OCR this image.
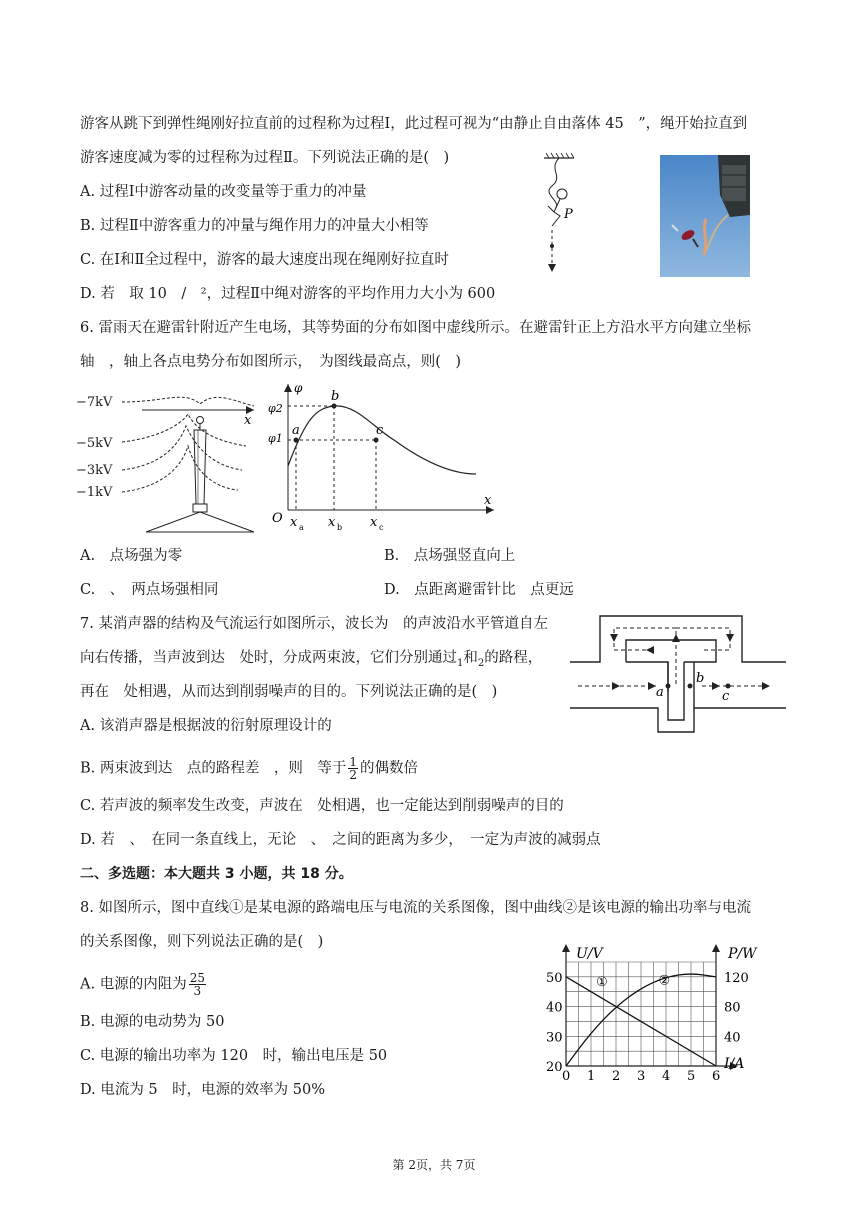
游客从跳下到弹性绳刚好拉直前的过程称为过程Ⅰ，此过程可视为“由静止自由落体 45　”，绳开始拉直到
游客速度减为零的过程称为过程Ⅱ。下列说法正确的是(　)
A. 过程Ⅰ中游客动量的改变量等于重力的冲量
B. 过程Ⅱ中游客重力的冲量与绳作用力的冲量大小相等
C. 在Ⅰ和Ⅱ全过程中，游客的最大速度出现在绳刚好拉直时
D. 若　取 10　/　²，过程Ⅱ中绳对游客的平均作用力大小为 600
P
6. 雷雨天在避雷针附近产生电场，其等势面的分布如图中虚线所示。在避雷针正上方沿水平方向建立坐标
轴　，轴上各点电势分布如图所示，　为图线最高点，则(　)
−7kV
−5kV
−3kV
−1kV
x
φ
x
O
φ2
φ1
a
b
c
x x	x
a	b	c
A.　点场强为零	B.　点场强竖直向上
C.　、　两点场强相同	D.　点距离避雷针比　点更远
7. 某消声器的结构及气流运行如图所示，波长为　的声波沿水平管道自左
向右传播，当声波到达　处时，分成两束波，它们分别通过$_1$和$_2$的路程，
再在　处相遇，从而达到削弱噪声的目的。下列说法正确的是(　)
A. 该消声器是根据波的衍射原理设计的
B. 两束波到达　点的路程差　，则　等于 $\frac{1}{2}$ 的偶数倍
C. 若声波的频率发生改变，声波在　处相遇，也一定能达到削弱噪声的目的
D. 若　、　在同一条直线上，无论　、　之间的距离为多少，　一定为声波的减弱点
a
b
c
二、多选题：本大题共 3 小题，共 18 分。
8. 如图所示，图中直线①是某电源的路端电压与电流的关系图像，图中曲线②是该电源的输出功率与电流
的关系图像，则下列说法正确的是(　)
A. 电源的内阻为 $\frac{25}{3}$
B. 电源的电动势为 50
C. 电源的输出功率为 120　时，输出电压是 50
D. 电流为 5　时，电源的效率为 50%
0 1 2 3 4 5 6
20
30
40
50
40
80
120
U/V	P/W
I/A
①	②
第 2页，共 7页
